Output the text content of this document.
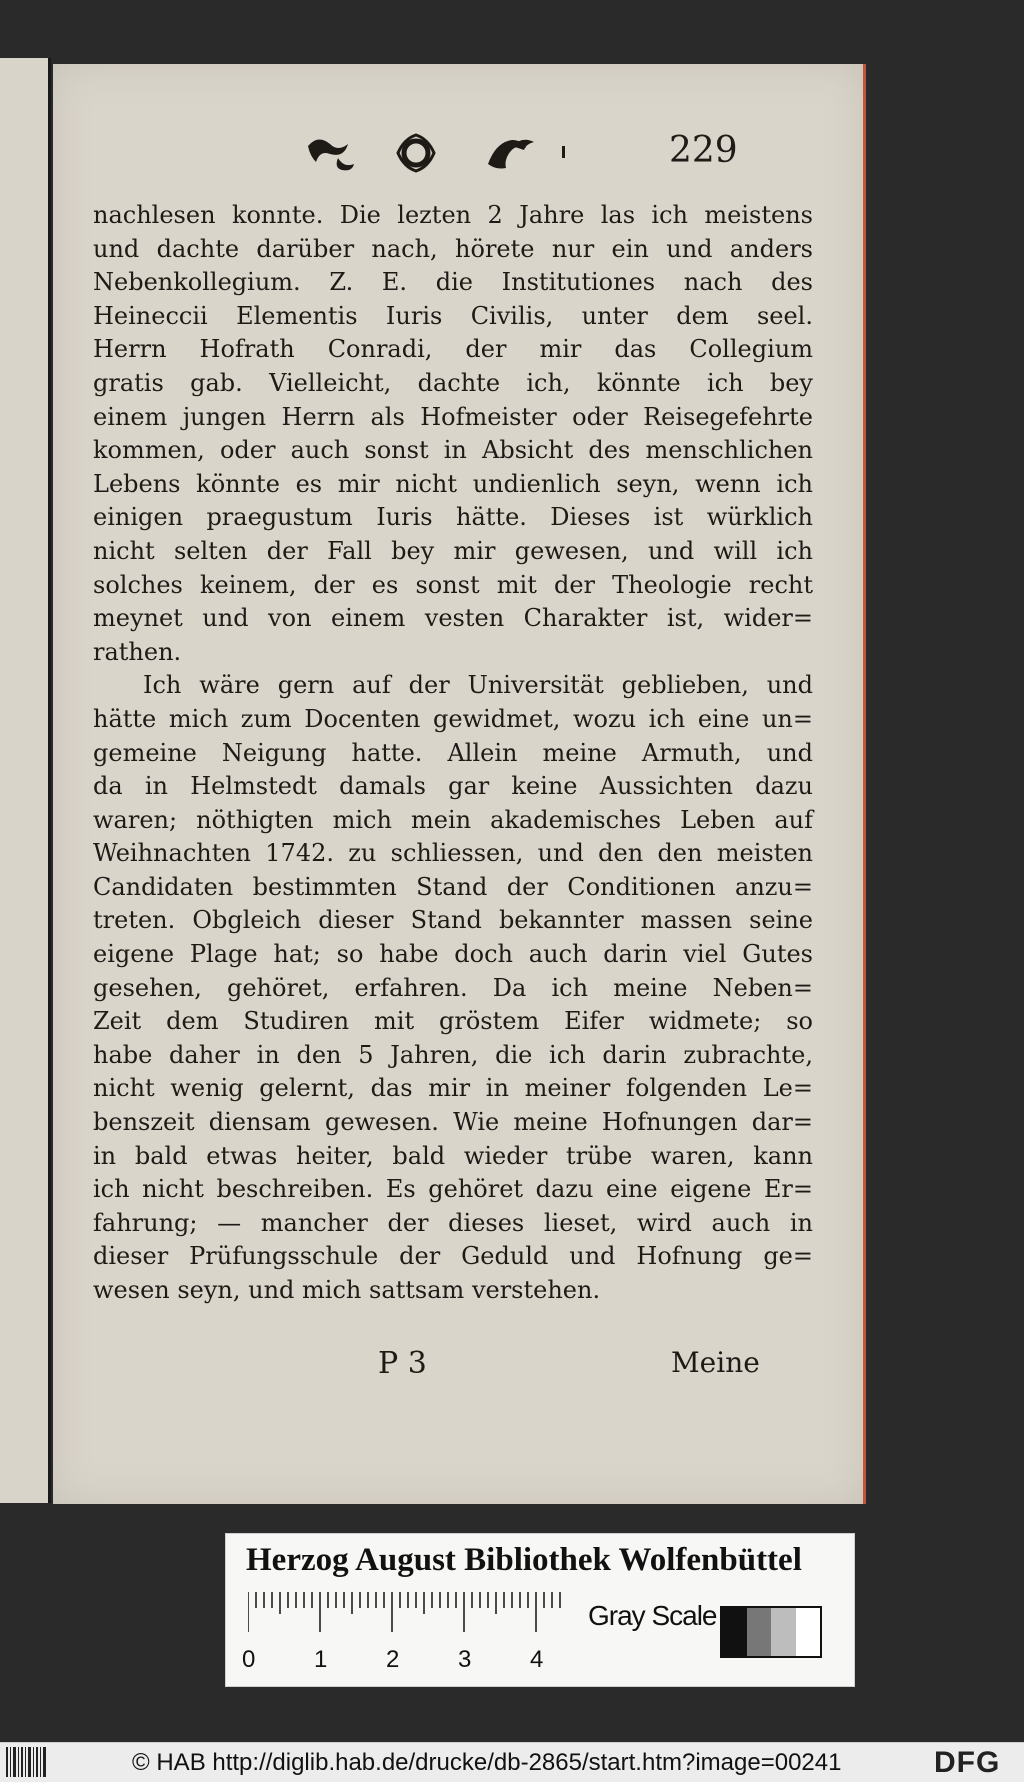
229
nachlesen konnte. Die lezten 2 Jahre las ich meistens
und dachte darüber nach, hörete nur ein und anders
Nebenkollegium. Z. E. die Institutiones nach des
Heineccii Elementis Iuris Civilis, unter dem seel.
Herrn Hofrath Conradi, der mir das Collegium
gratis gab. Vielleicht, dachte ich, könnte ich bey
einem jungen Herrn als Hofmeister oder Reisegefehrte
kommen, oder auch sonst in Absicht des menschlichen
Lebens könnte es mir nicht undienlich seyn, wenn ich
einigen praegustum Iuris hätte. Dieses ist würklich
nicht selten der Fall bey mir gewesen, und will ich
solches keinem, der es sonst mit der Theologie recht
meynet und von einem vesten Charakter ist, wider=
rathen.
Ich wäre gern auf der Universität geblieben, und
hätte mich zum Docenten gewidmet, wozu ich eine un=
gemeine Neigung hatte. Allein meine Armuth, und
da in Helmstedt damals gar keine Aussichten dazu
waren; nöthigten mich mein akademisches Leben auf
Weihnachten 1742. zu schliessen, und den den meisten
Candidaten bestimmten Stand der Conditionen anzu=
treten. Obgleich dieser Stand bekannter massen seine
eigene Plage hat; so habe doch auch darin viel Gutes
gesehen, gehöret, erfahren. Da ich meine Neben=
Zeit dem Studiren mit gröstem Eifer widmete; so
habe daher in den 5 Jahren, die ich darin zubrachte,
nicht wenig gelernt, das mir in meiner folgenden Le=
benszeit diensam gewesen. Wie meine Hofnungen dar=
in bald etwas heiter, bald wieder trübe waren, kann
ich nicht beschreiben. Es gehöret dazu eine eigene Er=
fahrung; — mancher der dieses lieset, wird auch in
dieser Prüfungsschule der Geduld und Hofnung ge=
wesen seyn, und mich sattsam verstehen.
P 3	Meine
Herzog August Bibliothek Wolfenbüttel
0 1 2 3 4
Gray Scale
© HAB http://diglib.hab.de/drucke/db-2865/start.htm?image=00241	DFG
